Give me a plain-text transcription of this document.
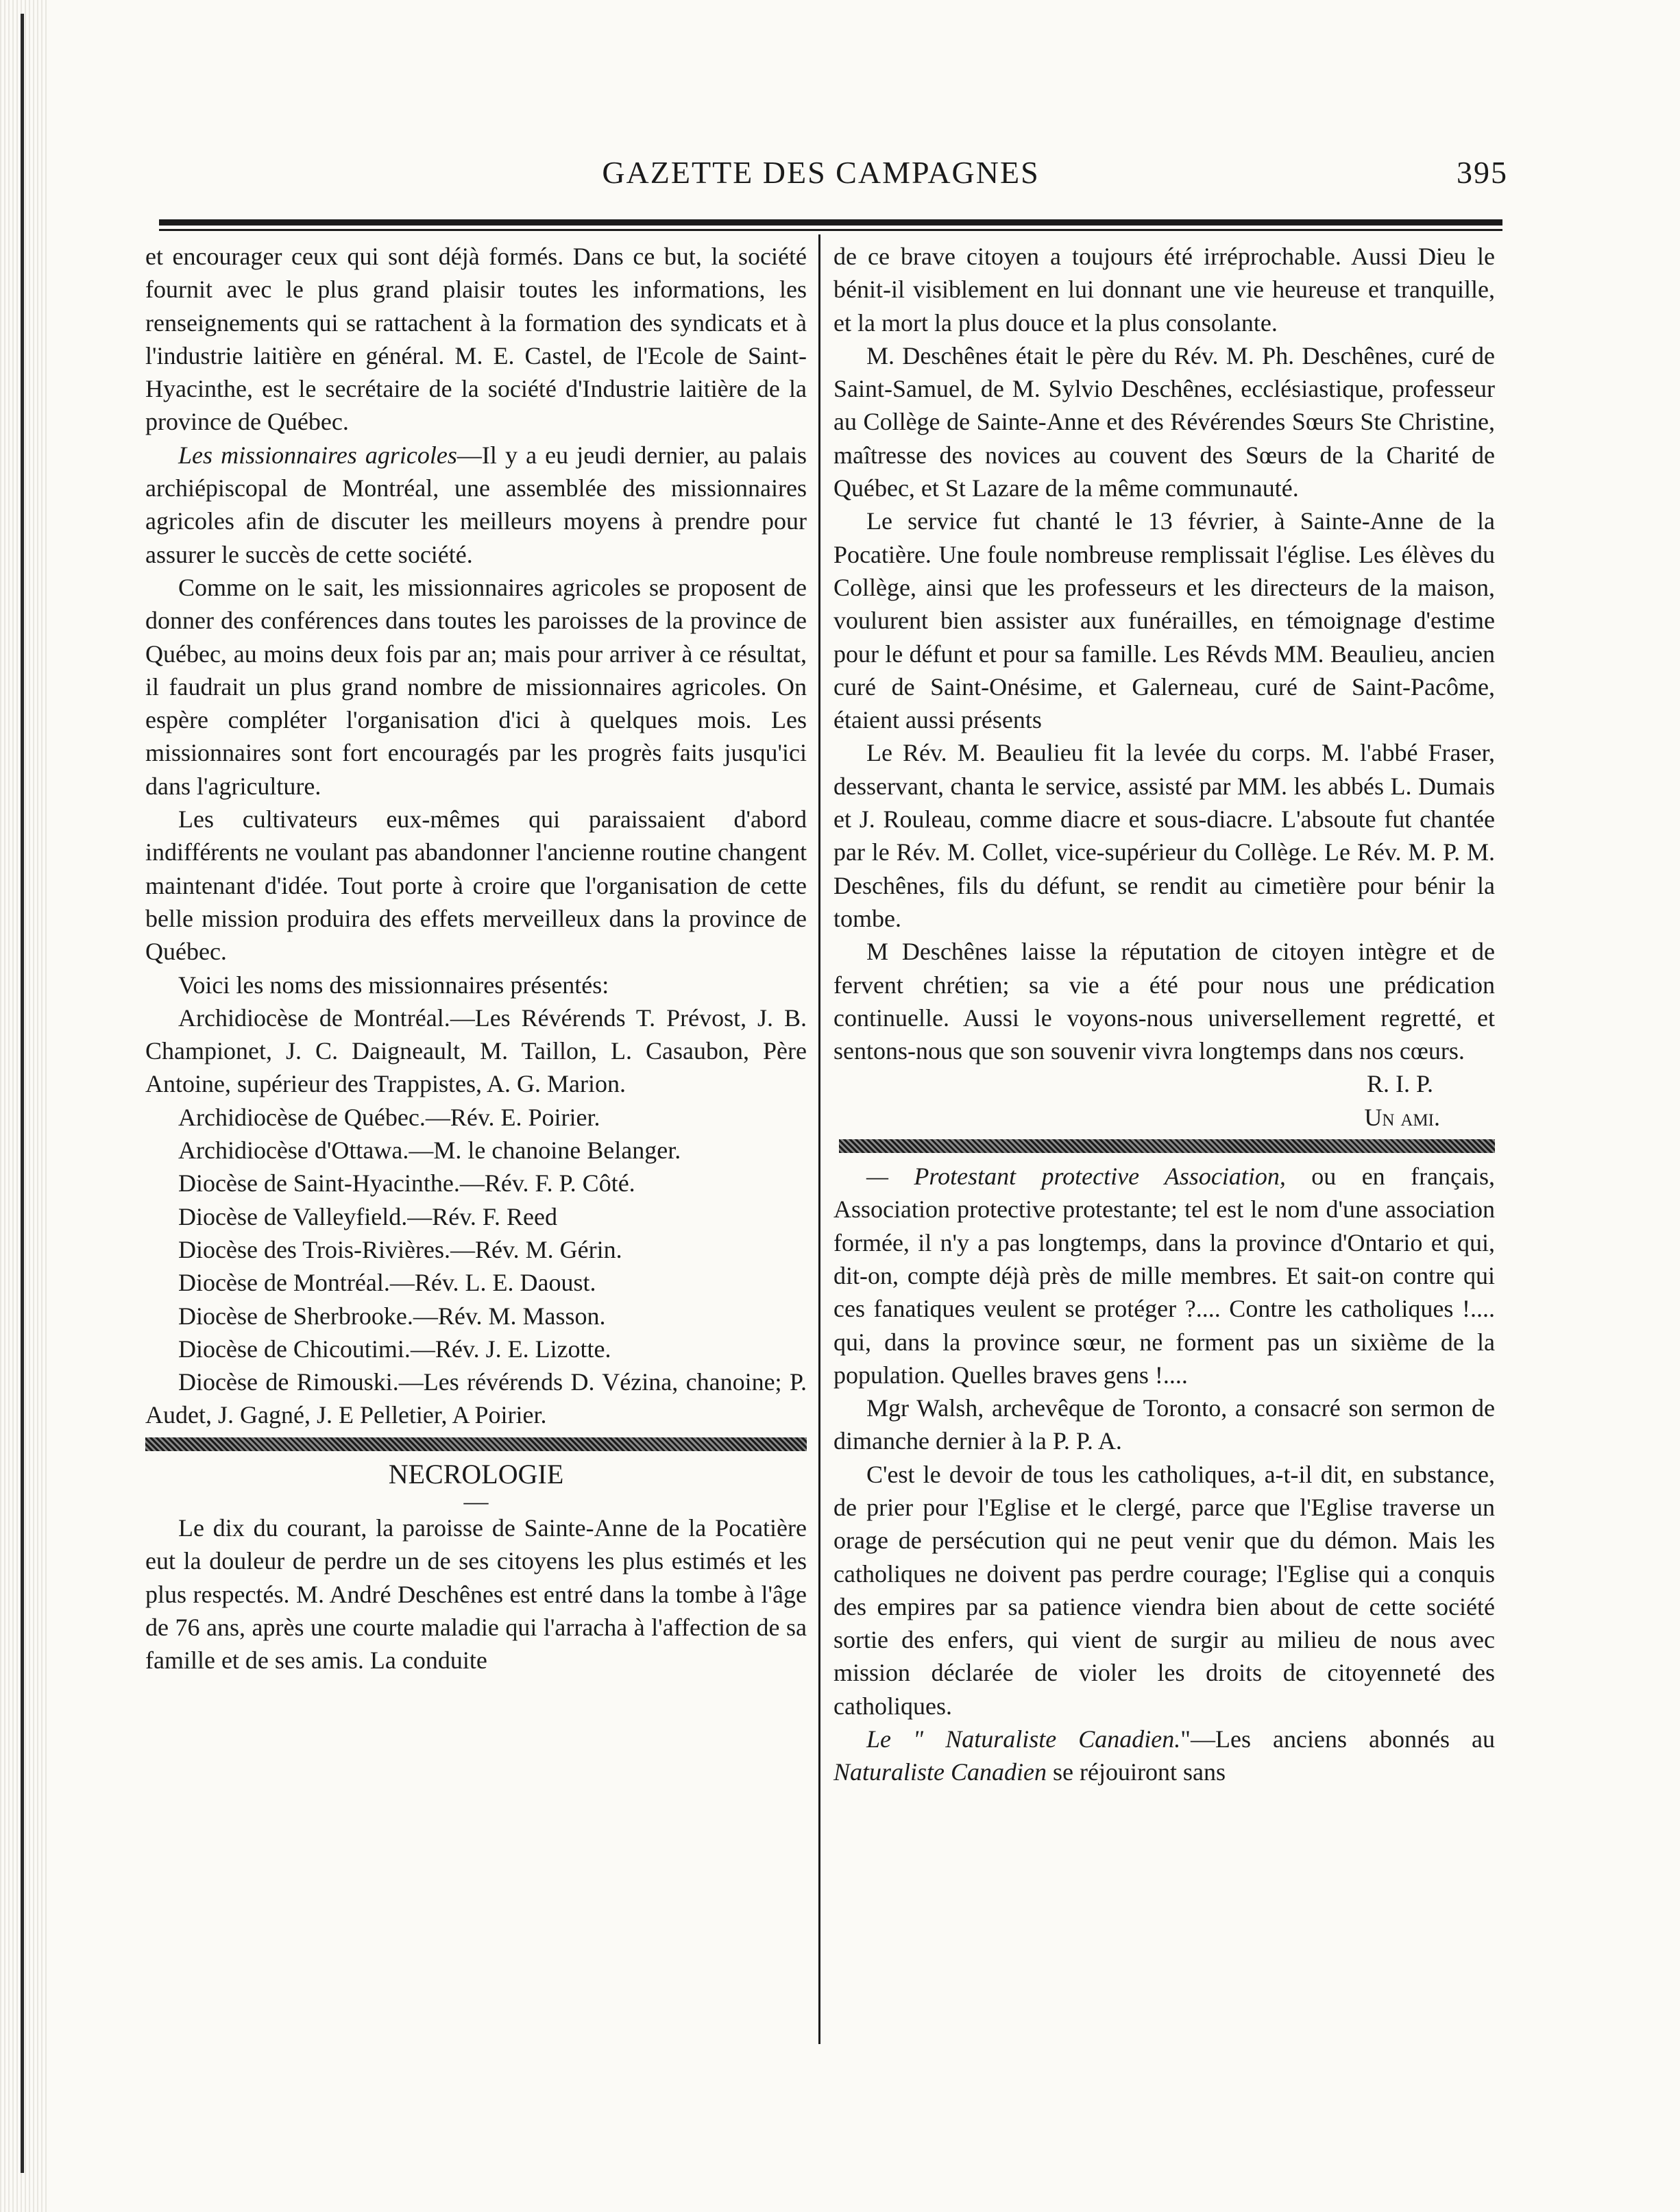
GAZETTE DES CAMPAGNES	395

et encourager ceux qui sont déjà formés. Dans ce but, la société fournit avec le plus grand plaisir toutes les informations, les renseignements qui se rattachent à la formation des syndicats et à l'industrie laitière en général. M. E. Castel, de l'Ecole de Saint-Hyacinthe, est le secrétaire de la société d'Industrie laitière de la province de Québec.

Les missionnaires agricoles—Il y a eu jeudi dernier, au palais archiépiscopal de Montréal, une assemblée des missionnaires agricoles afin de discuter les meilleurs moyens à prendre pour assurer le succès de cette société.

Comme on le sait, les missionnaires agricoles se proposent de donner des conférences dans toutes les paroisses de la province de Québec, au moins deux fois par an; mais pour arriver à ce résultat, il faudrait un plus grand nombre de missionnaires agricoles. On espère compléter l'organisation d'ici à quelques mois. Les missionnaires sont fort encouragés par les progrès faits jusqu'ici dans l'agriculture.

Les cultivateurs eux-mêmes qui paraissaient d'abord indifférents ne voulant pas abandonner l'ancienne routine changent maintenant d'idée. Tout porte à croire que l'organisation de cette belle mission produira des effets merveilleux dans la province de Québec.

Voici les noms des missionnaires présentés:

Archidiocèse de Montréal.—Les Révérends T. Prévost, J. B. Championet, J. C. Daigneault, M. Taillon, L. Casaubon, Père Antoine, supérieur des Trappistes, A. G. Marion.

Archidiocèse de Québec.—Rév. E. Poirier.

Archidiocèse d'Ottawa.—M. le chanoine Belanger.

Diocèse de Saint-Hyacinthe.—Rév. F. P. Côté.

Diocèse de Valleyfield.—Rév. F. Reed

Diocèse des Trois-Rivières.—Rév. M. Gérin.

Diocèse de Montréal.—Rév. L. E. Daoust.

Diocèse de Sherbrooke.—Rév. M. Masson.

Diocèse de Chicoutimi.—Rév. J. E. Lizotte.

Diocèse de Rimouski.—Les révérends D. Vézina, chanoine; P. Audet, J. Gagné, J. E Pelletier, A Poirier.

NECROLOGIE

—

Le dix du courant, la paroisse de Sainte-Anne de la Pocatière eut la douleur de perdre un de ses citoyens les plus estimés et les plus respectés. M. André Deschênes est entré dans la tombe à l'âge de 76 ans, après une courte maladie qui l'arracha à l'affection de sa famille et de ses amis. La conduite

de ce brave citoyen a toujours été irréprochable. Aussi Dieu le bénit-il visiblement en lui donnant une vie heureuse et tranquille, et la mort la plus douce et la plus consolante.

M. Deschênes était le père du Rév. M. Ph. Deschênes, curé de Saint-Samuel, de M. Sylvio Deschênes, ecclésiastique, professeur au Collège de Sainte-Anne et des Révérendes Sœurs Ste Christine, maîtresse des novices au couvent des Sœurs de la Charité de Québec, et St Lazare de la même communauté.

Le service fut chanté le 13 février, à Sainte-Anne de la Pocatière. Une foule nombreuse remplissait l'église. Les élèves du Collège, ainsi que les professeurs et les directeurs de la maison, voulurent bien assister aux funérailles, en témoignage d'estime pour le défunt et pour sa famille. Les Révds MM. Beaulieu, ancien curé de Saint-Onésime, et Galerneau, curé de Saint-Pacôme, étaient aussi présents

Le Rév. M. Beaulieu fit la levée du corps. M. l'abbé Fraser, desservant, chanta le service, assisté par MM. les abbés L. Dumais et J. Rouleau, comme diacre et sous-diacre. L'absoute fut chantée par le Rév. M. Collet, vice-supérieur du Collège. Le Rév. M. P. M. Deschênes, fils du défunt, se rendit au cimetière pour bénir la tombe.

M Deschênes laisse la réputation de citoyen intègre et de fervent chrétien; sa vie a été pour nous une prédication continuelle. Aussi le voyons-nous universellement regretté, et sentons-nous que son souvenir vivra longtemps dans nos cœurs.

R. I. P.

Un ami.

— Protestant protective Association, ou en français, Association protective protestante; tel est le nom d'une association formée, il n'y a pas longtemps, dans la province d'Ontario et qui, dit-on, compte déjà près de mille membres. Et sait-on contre qui ces fanatiques veulent se protéger ?.... Contre les catholiques !.... qui, dans la province sœur, ne forment pas un sixième de la population. Quelles braves gens !....

Mgr Walsh, archevêque de Toronto, a consacré son sermon de dimanche dernier à la P. P. A.

C'est le devoir de tous les catholiques, a-t-il dit, en substance, de prier pour l'Eglise et le clergé, parce que l'Eglise traverse un orage de persécution qui ne peut venir que du démon. Mais les catholiques ne doivent pas perdre courage; l'Eglise qui a conquis des empires par sa patience viendra bien about de cette société sortie des enfers, qui vient de surgir au milieu de nous avec mission déclarée de violer les droits de citoyenneté des catholiques.

Le " Naturaliste Canadien."—Les anciens abonnés au Naturaliste Canadien se réjouiront sans
